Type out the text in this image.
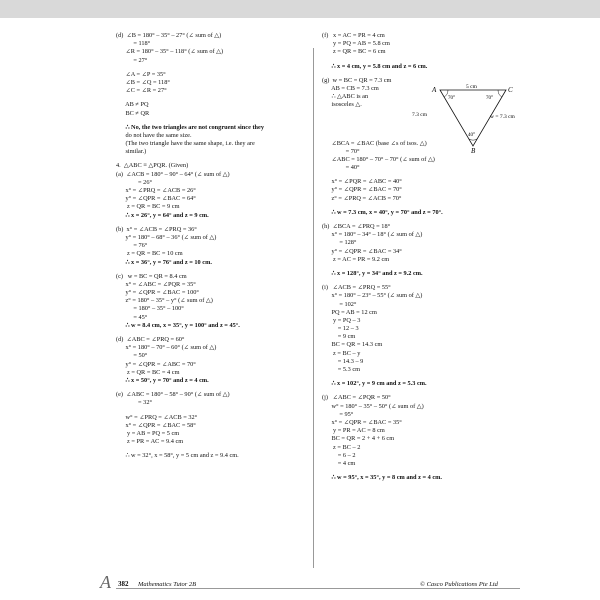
(d)  ∠B = 180° – 35° – 27° (∠ sum of △)
= 118°
∠R = 180° – 35° – 118° (∠ sum of △)
= 27°
∠A = ∠P = 35°
∠B = ∠Q = 118°
∠C = ∠R = 27°
AB ≠ PQ
BC ≠ QR
∴ No, the two triangles are not congruent since they
do not have the same size.
(The two triangle have the same shape, i.e. they are
similar.)
4.  △ABC ≡ △PQR. (Given)
(a)  ∠ACB = 180° – 90° – 64° (∠ sum of △)
= 26°
x° = ∠PRQ = ∠ACB = 26°
y° = ∠QPR = ∠BAC = 64°
z = QR = BC = 9 cm
∴ x = 26°, y = 64° and z = 9 cm.
(b)  x° = ∠ACB = ∠PRQ = 36°
y° = 180° – 68° – 36° (∠ sum of △)
= 76°
z = QR = BC = 10 cm
∴ x = 36°, y = 76° and z = 10 cm.
(c)   w = BC = QR = 8.4 cm
x° = ∠ABC = ∠PQR = 35°
y° = ∠QPR = ∠BAC = 100°
z° = 180° – 35° – y° (∠ sum of △)
= 180° – 35° – 100°
= 45°
∴ w = 8.4 cm, x = 35°, y = 100° and z = 45°.
(d)  ∠ABC = ∠PRQ = 60°
x° = 180° – 70° – 60° (∠ sum of △)
= 50°
y° = ∠QPR = ∠ABC = 70°
z = QR = BC = 4 cm
∴ x = 50°, y = 70° and z = 4 cm.
(e)  ∠ABC = 180° – 58° – 90° (∠ sum of △)
= 32°
w° = ∠PRQ = ∠ACB = 32°
x° = ∠QPR = ∠BAC = 58°
y = AB = PQ = 5 cm
z = PR = AC = 9.4 cm
∴ w = 32°, x = 58°, y = 5 cm and z = 9.4 cm.
(f)   x = AC = PR = 4 cm
y = PQ = AB = 5.8 cm
z = QR = BC = 6 cm
∴ x = 4 cm, y = 5.8 cm and z = 6 cm.
(g)  w = BC = QR = 7.3 cm
AB = CB = 7.3 cm
∴ △ABC is an
isosceles △.
∠BCA = ∠BAC (base ∠s of isos. △)
= 70°
∠ABC = 180° – 70° – 70° (∠ sum of △)
= 40°
x° = ∠PQR = ∠ABC = 40°
y° = ∠QPR = ∠BAC = 70°
z° = ∠PRQ = ∠ACB = 70°
∴ w = 7.3 cm, x = 40°, y = 70° and z = 70°.
(h)  ∠BCA = ∠PRQ = 18°
x° = 180° – 34° – 18° (∠ sum of △)
= 128°
y° = ∠QPR = ∠BAC = 34°
z = AC = PR = 9.2 cm
∴ x = 128°, y = 34° and z = 9.2 cm.
(i)   ∠ACB = ∠PRQ = 55°
x° = 180° – 23° – 55° (∠ sum of △)
= 102°
PQ = AB = 12 cm
y = PQ – 3
= 12 – 3
= 9 cm
BC = QR = 14.3 cm
z = BC – y
= 14.3 – 9
= 5.3 cm
∴ x = 102°, y = 9 cm and z = 5.3 cm.
(j)   ∠ABC = ∠PQR = 50°
w° = 180° – 35° – 50° (∠ sum of △)
= 95°
x° = ∠QPR = ∠BAC = 35°
y = PR = AC = 8 cm
BC = QR = 2 + 4 + 6 cm
z = BC – 2
= 6 – 2
= 4 cm
∴ w = 95°, x = 35°, y = 8 cm and z = 4 cm.
A	C
B
5 cm
7.3 cm	w = 7.3 cm
70°	70°
40°
A 382 Mathematics Tutor 2B	© Casco Publications Pte Ltd
